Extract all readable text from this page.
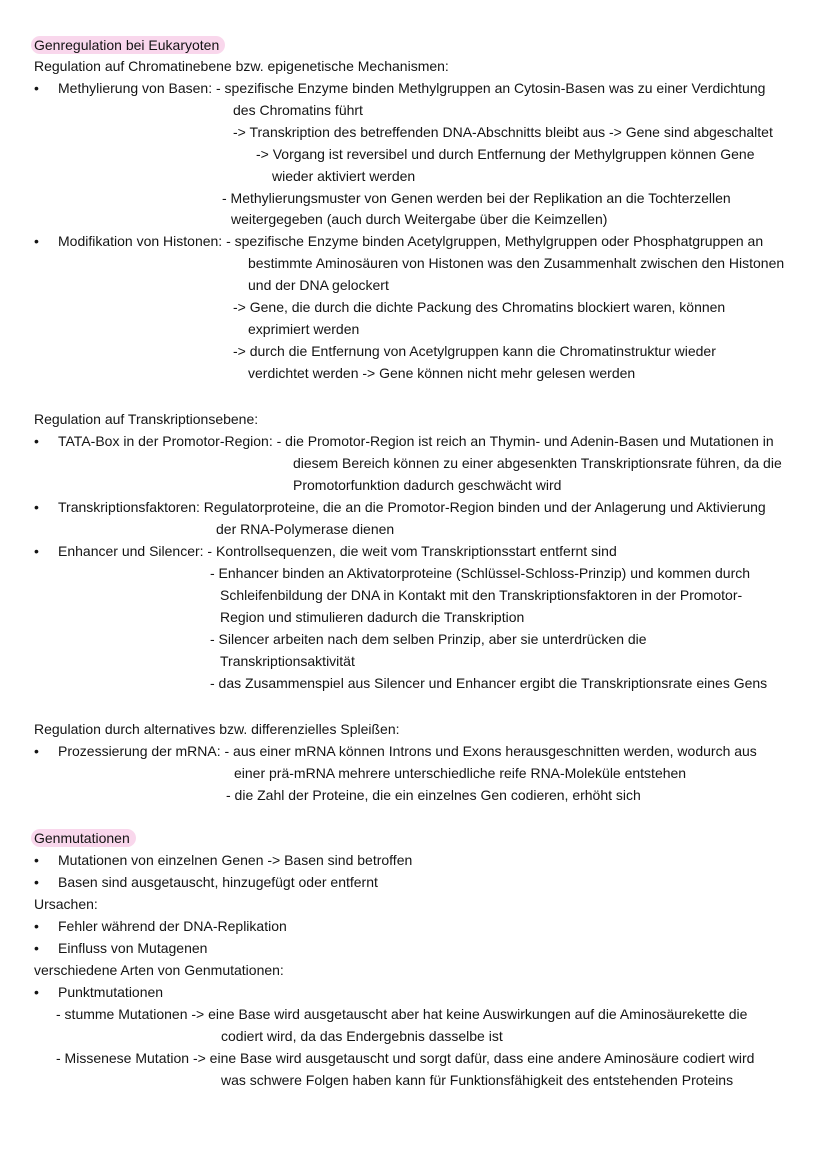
Genregulation bei Eukaryoten
Regulation auf Chromatinebene bzw. epigenetische Mechanismen:
• Methylierung von Basen: - spezifische Enzyme binden Methylgruppen an Cytosin-Basen was zu einer Verdichtung
des Chromatins führt
-> Transkription des betreffenden DNA-Abschnitts bleibt aus -> Gene sind abgeschaltet
-> Vorgang ist reversibel und durch Entfernung der Methylgruppen können Gene
wieder aktiviert werden
- Methylierungsmuster von Genen werden bei der Replikation an die Tochterzellen
weitergegeben (auch durch Weitergabe über die Keimzellen)
• Modifikation von Histonen: - spezifische Enzyme binden Acetylgruppen, Methylgruppen oder Phosphatgruppen an
bestimmte Aminosäuren von Histonen was den Zusammenhalt zwischen den Histonen
und der DNA gelockert
-> Gene, die durch die dichte Packung des Chromatins blockiert waren, können
exprimiert werden
-> durch die Entfernung von Acetylgruppen kann die Chromatinstruktur wieder
verdichtet werden -> Gene können nicht mehr gelesen werden
Regulation auf Transkriptionsebene:
• TATA-Box in der Promotor-Region: - die Promotor-Region ist reich an Thymin- und Adenin-Basen und Mutationen in
diesem Bereich können zu einer abgesenkten Transkriptionsrate führen, da die
Promotorfunktion dadurch geschwächt wird
• Transkriptionsfaktoren: Regulatorproteine, die an die Promotor-Region binden und der Anlagerung und Aktivierung
der RNA-Polymerase dienen
• Enhancer und Silencer: - Kontrollsequenzen, die weit vom Transkriptionsstart entfernt sind
- Enhancer binden an Aktivatorproteine (Schlüssel-Schloss-Prinzip) und kommen durch
Schleifenbildung der DNA in Kontakt mit den Transkriptionsfaktoren in der Promotor-
Region und stimulieren dadurch die Transkription
- Silencer arbeiten nach dem selben Prinzip, aber sie unterdrücken die
Transkriptionsaktivität
- das Zusammenspiel aus Silencer und Enhancer ergibt die Transkriptionsrate eines Gens
Regulation durch alternatives bzw. differenzielles Spleißen:
• Prozessierung der mRNA: - aus einer mRNA können Introns und Exons herausgeschnitten werden, wodurch aus
einer prä-mRNA mehrere unterschiedliche reife RNA-Moleküle entstehen
- die Zahl der Proteine, die ein einzelnes Gen codieren, erhöht sich
Genmutationen
• Mutationen von einzelnen Genen -> Basen sind betroffen
• Basen sind ausgetauscht, hinzugefügt oder entfernt
Ursachen:
• Fehler während der DNA-Replikation
• Einfluss von Mutagenen
verschiedene Arten von Genmutationen:
• Punktmutationen
- stumme Mutationen -> eine Base wird ausgetauscht aber hat keine Auswirkungen auf die Aminosäurekette die
codiert wird, da das Endergebnis dasselbe ist
- Missenese Mutation -> eine Base wird ausgetauscht und sorgt dafür, dass eine andere Aminosäure codiert wird
was schwere Folgen haben kann für Funktionsfähigkeit des entstehenden Proteins
